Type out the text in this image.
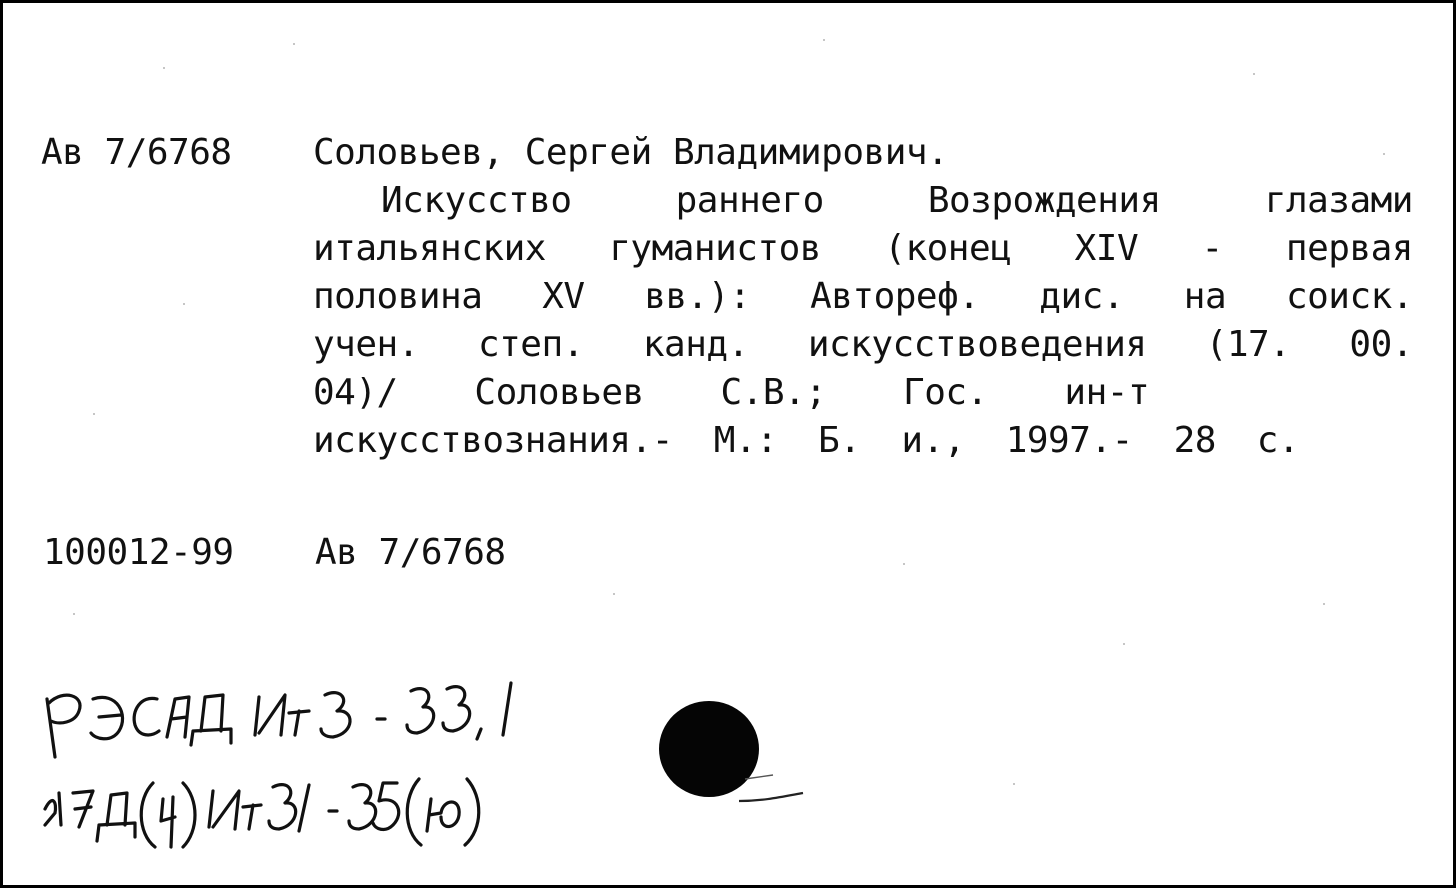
Ав 7/6768 Соловьев, Сергей Владимирович.
Искусство	раннего	Возрождения	глазами
итальянских гуманистов (конец XIV - первая
половина XV вв.): Автореф. дис. на соиск.
учен. степ. канд. искусствоведения (17. 00.
04)/ Соловьев С.В.; Гос. ин-т
искусствознания.- М.: Б. и., 1997.- 28 с.
100012-99 Ав 7/6768
